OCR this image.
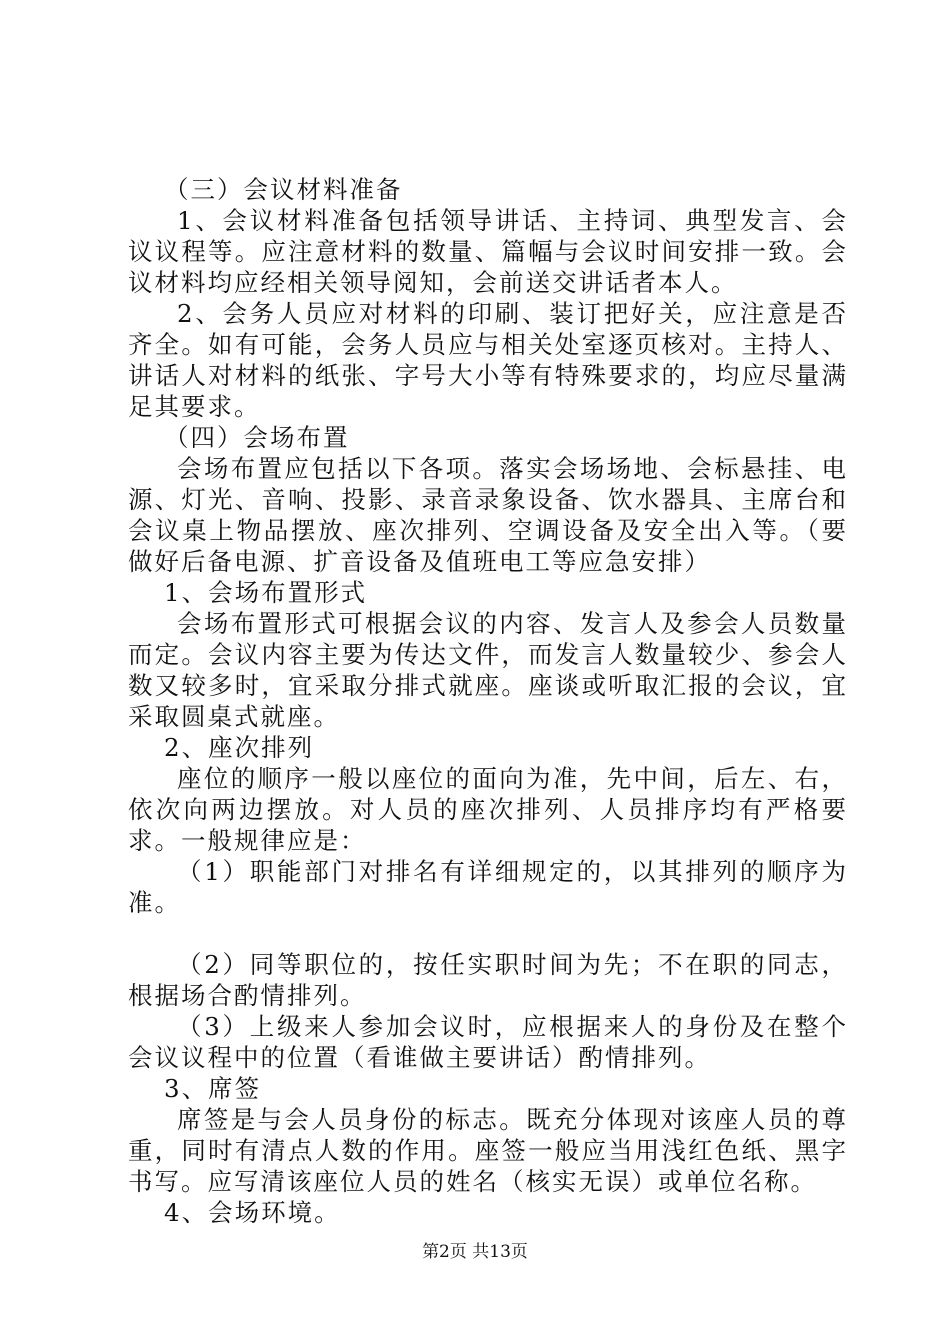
（三）会议材料准备

1、会议材料准备包括领导讲话、主持词、典型发言、会议议程等。应注意材料的数量、篇幅与会议时间安排一致。会议材料均应经相关领导阅知，会前送交讲话者本人。

2、会务人员应对材料的印刷、装订把好关，应注意是否齐全。如有可能，会务人员应与相关处室逐页核对。主持人、讲话人对材料的纸张、字号大小等有特殊要求的，均应尽量满足其要求。

（四）会场布置

会场布置应包括以下各项。落实会场场地、会标悬挂、电源、灯光、音响、投影、录音录象设备、饮水器具、主席台和会议桌上物品摆放、座次排列、空调设备及安全出入等。（要做好后备电源、扩音设备及值班电工等应急安排）

1、会场布置形式

会场布置形式可根据会议的内容、发言人及参会人员数量而定。会议内容主要为传达文件，而发言人数量较少、参会人数又较多时，宜采取分排式就座。座谈或听取汇报的会议，宜采取圆桌式就座。

2、座次排列

座位的顺序一般以座位的面向为准，先中间，后左、右，依次向两边摆放。对人员的座次排列、人员排序均有严格要求。一般规律应是：

（1）职能部门对排名有详细规定的，以其排列的顺序为准。

（2）同等职位的，按任实职时间为先；不在职的同志，根据场合酌情排列。

（3）上级来人参加会议时，应根据来人的身份及在整个会议议程中的位置（看谁做主要讲话）酌情排列。

3、席签

席签是与会人员身份的标志。既充分体现对该座人员的尊重，同时有清点人数的作用。座签一般应当用浅红色纸、黑字书写。应写清该座位人员的姓名（核实无误）或单位名称。

4、会场环境。

第2页 共13页
